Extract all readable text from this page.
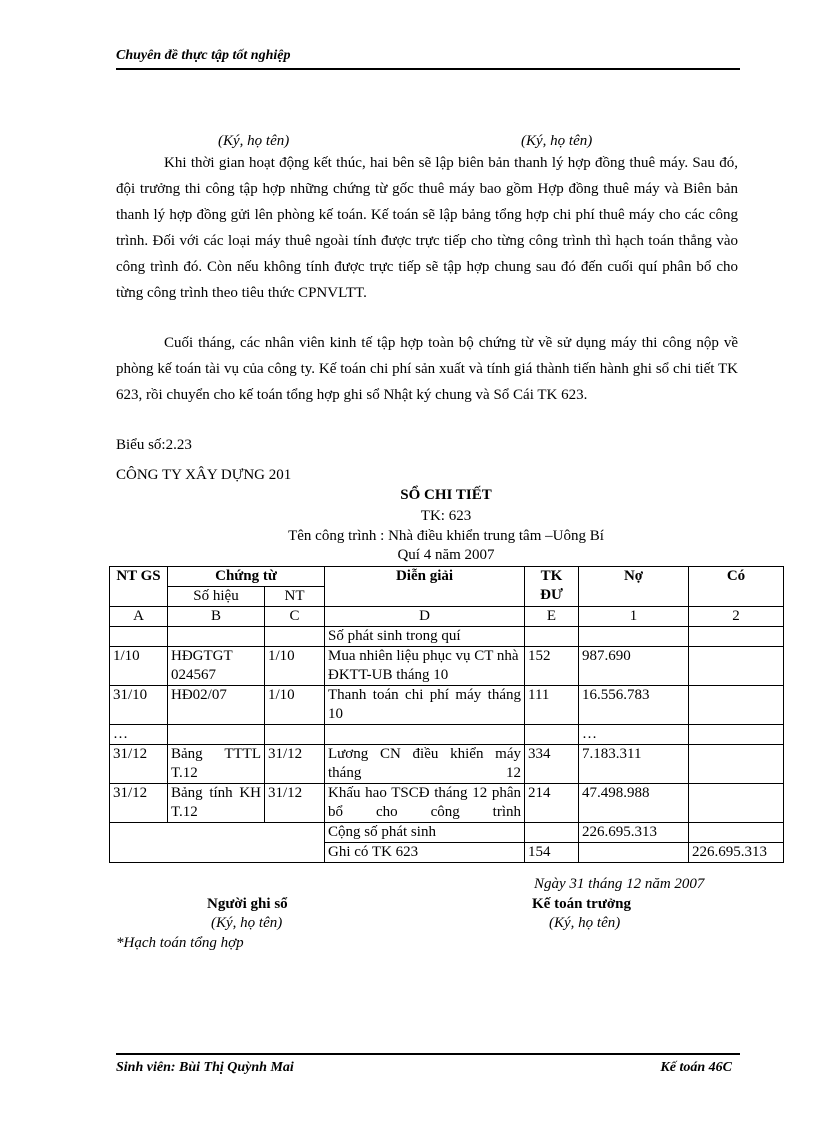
Chuyên đề thực tập tốt nghiệp
(Ký, họ tên)	(Ký, họ tên)

Khi thời gian hoạt động kết thúc, hai bên sẽ lập biên bản thanh lý hợp đồng thuê máy. Sau đó, đội trưởng thi công tập hợp những chứng từ gốc thuê máy bao gồm Hợp đồng thuê máy và Biên bản thanh lý hợp đồng gửi lên phòng kế toán. Kế toán sẽ lập bảng tổng hợp chi phí thuê máy cho các công trình. Đối với các loại máy thuê ngoài tính được trực tiếp cho từng công trình thì hạch toán thẳng vào công trình đó. Còn nếu không tính được trực tiếp sẽ tập hợp chung sau đó đến cuối quí phân bổ cho từng công trình theo tiêu thức CPNVLTT.

Cuối tháng, các nhân viên kinh tế tập hợp toàn bộ chứng từ về sử dụng máy thi công nộp về phòng kế toán tài vụ của công ty. Kế toán chi phí sản xuất và tính giá thành tiến hành ghi sổ chi tiết TK 623, rồi chuyển cho kế toán tổng hợp ghi sổ Nhật ký chung và Sổ Cái TK 623.

Biểu số:2.23
CÔNG TY XÂY DỰNG 201
SỔ CHI TIẾT
TK: 623
Tên công trình : Nhà điều khiển trung tâm –Uông Bí
Quí 4 năm 2007
NT GS	Chứng từ		Diễn giải	TK ĐƯ	Nợ	Có
	Số hiệu	NT				
A	B	C	D	E	1	2
			Số phát sinh trong quí			
1/10	HĐGTGT 024567	1/10	Mua nhiên liệu phục vụ CT nhà ĐKTT-UB tháng 10	152	987.690	
31/10	HĐ02/07	1/10	Thanh toán chi phí máy tháng 10	111	16.556.783	
…					…	
31/12	Bảng TTTL T.12	31/12	Lương CN điều khiển máy tháng 12	334	7.183.311	
31/12	Bảng tính KH T.12	31/12	Khấu hao TSCĐ tháng 12 phân bổ cho công trình	214	47.498.988	
			Cộng số phát sinh		226.695.313	
			Ghi có TK 623	154		226.695.313
Ngày 31 tháng 12 năm 2007
Người ghi sổ	Kế toán trưởng
(Ký, họ tên)	(Ký, họ tên)
*Hạch toán tổng hợp
Sinh viên: Bùi Thị Quỳnh Mai	Kế toán 46C
